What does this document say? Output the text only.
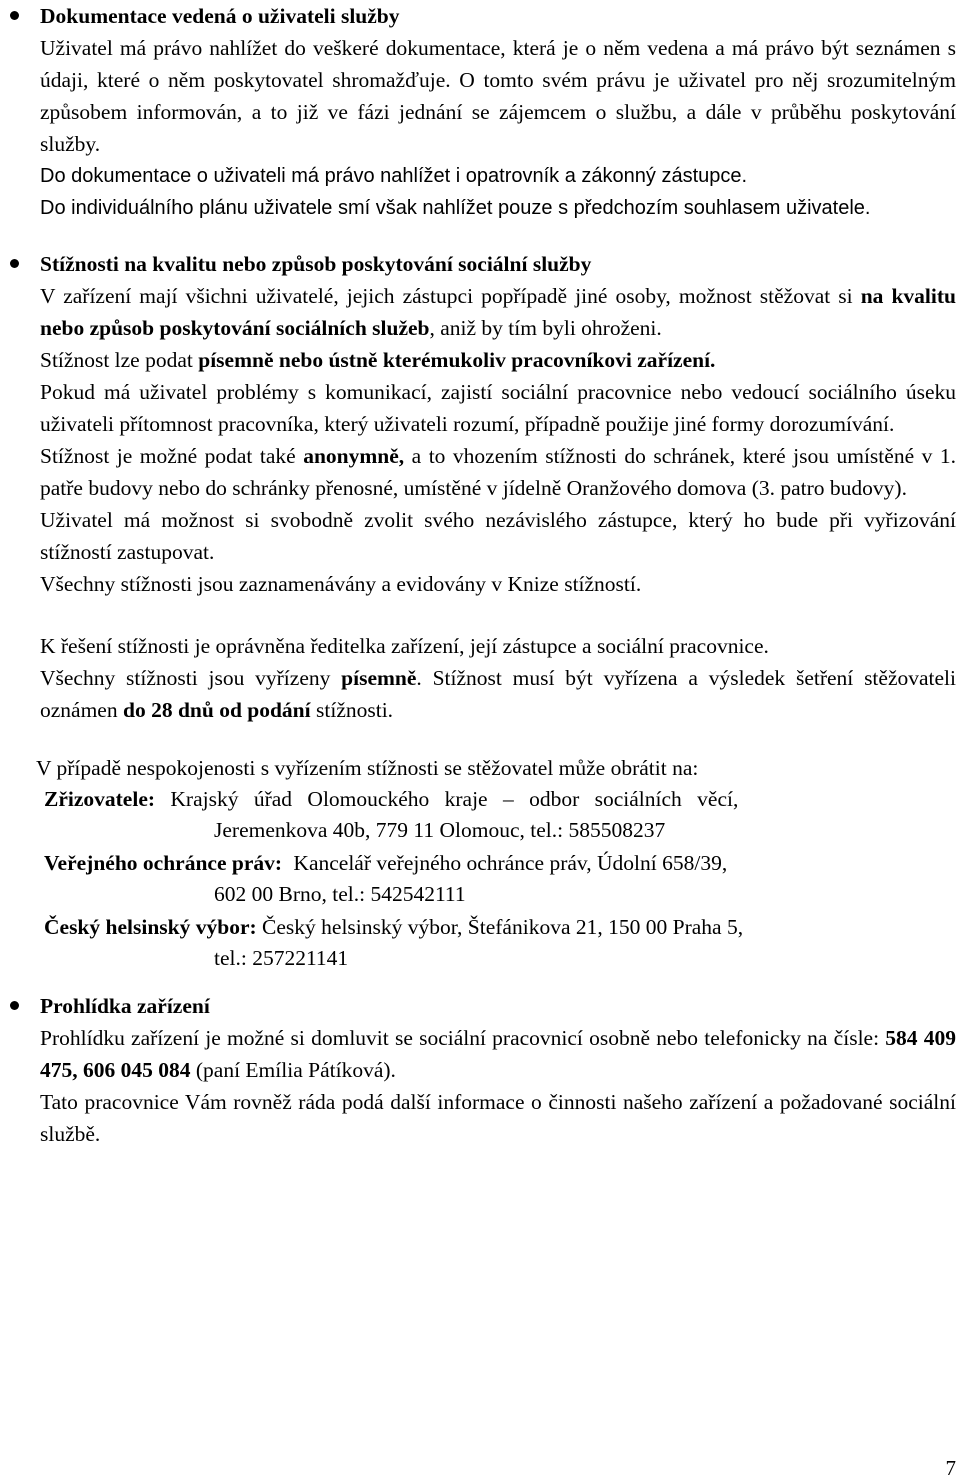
Dokumentace vedená o uživateli služby

Uživatel má právo nahlížet do veškeré dokumentace, která je o něm vedena a má právo být seznámen s údaji, které o něm poskytovatel shromažďuje. O tomto svém právu je uživatel pro něj srozumitelným způsobem informován, a to již ve fázi jednání se zájemcem o službu, a dále v průběhu poskytování služby.

Do dokumentace o uživateli má právo nahlížet i opatrovník a zákonný zástupce.

Do individuálního plánu uživatele smí však nahlížet pouze s předchozím souhlasem uživatele.

Stížnosti na kvalitu nebo způsob poskytování sociální služby

V zařízení mají všichni uživatelé, jejich zástupci popřípadě jiné osoby, možnost stěžovat si na kvalitu nebo způsob poskytování sociálních služeb, aniž by tím byli ohroženi.

Stížnost lze podat písemně nebo ústně kterémukoliv pracovníkovi zařízení.

Pokud má uživatel problémy s komunikací, zajistí sociální pracovnice nebo vedoucí sociálního úseku uživateli přítomnost pracovníka, který uživateli rozumí, případně použije jiné formy dorozumívání.

Stížnost je možné podat také anonymně, a to vhozením stížnosti do schránek, které jsou umístěné v 1. patře budovy nebo do schránky přenosné, umístěné v jídelně Oranžového domova (3. patro budovy).

Uživatel má možnost si svobodně zvolit svého nezávislého zástupce, který ho bude při vyřizování stížností zastupovat.

Všechny stížnosti jsou zaznamenávány a evidovány v Knize stížností.

K řešení stížnosti je oprávněna ředitelka zařízení, její zástupce a sociální pracovnice.

Všechny stížnosti jsou vyřízeny písemně. Stížnost musí být vyřízena a výsledek šetření stěžovateli oznámen do 28 dnů od podání stížnosti.

V případě nespokojenosti s vyřízením stížnosti se stěžovatel může obrátit na:

Zřizovatele: Krajský úřad Olomouckého kraje – odbor sociálních věcí,
Jeremenkova 40b, 779 11 Olomouc, tel.: 585508237
Veřejného ochránce práv: Kancelář veřejného ochránce práv, Údolní 658/39,
602 00 Brno, tel.: 542542111
Český helsinský výbor: Český helsinský výbor, Štefánikova 21, 150 00 Praha 5,
tel.: 257221141
Prohlídka zařízení

Prohlídku zařízení je možné si domluvit se sociální pracovnicí osobně nebo telefonicky na čísle: 584 409 475, 606 045 084 (paní Emília Pátíková).

Tato pracovnice Vám rovněž ráda podá další informace o činnosti našeho zařízení a požadované sociální službě.

7
